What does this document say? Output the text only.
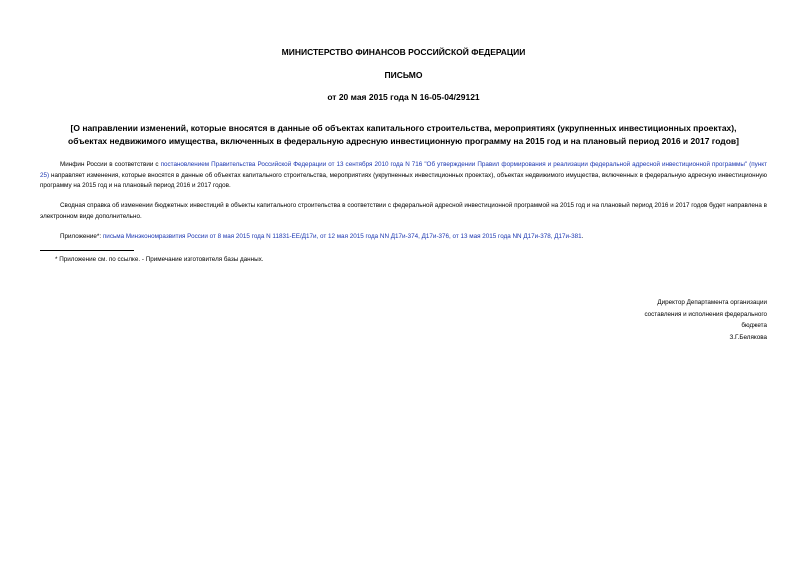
МИНИСТЕРСТВО ФИНАНСОВ РОССИЙСКОЙ ФЕДЕРАЦИИ
ПИСЬМО
от 20 мая 2015 года N 16-05-04/29121
[О направлении изменений, которые вносятся в данные об объектах капитального строительства, мероприятиях (укрупненных инвестиционных проектах),
объектах недвижимого имущества, включенных в федеральную адресную инвестиционную программу на 2015 год и на плановый период 2016 и 2017 годов]
Минфин России в соответствии с постановлением Правительства Российской Федерации от 13 сентября 2010 года N 716 "Об утверждении Правил формирования и реализации федеральной адресной инвестиционной программы" (пункт 25) направляет изменения, которые вносятся в данные об объектах капитального строительства, мероприятиях (укрупненных инвестиционных проектах), объектах недвижимого имущества, включенных в федеральную адресную инвестиционную программу на 2015 год и на плановый период 2016 и 2017 годов.
Сводная справка об изменении бюджетных инвестиций в объекты капитального строительства в соответствии с федеральной адресной инвестиционной программой на 2015 год и на плановый период 2016 и 2017 годов будет направлена в электронном виде дополнительно.
Приложение*: письма Минэкономразвития России от 8 мая 2015 года N 11831-ЕЕ/Д17и, от 12 мая 2015 года NN Д17и-374, Д17и-376, от 13 мая 2015 года NN Д17и-378, Д17и-381.
* Приложение см. по ссылке. - Примечание изготовителя базы данных.
Директор Департамента организации
составления и исполнения федерального
бюджета
З.Г.Белякова
